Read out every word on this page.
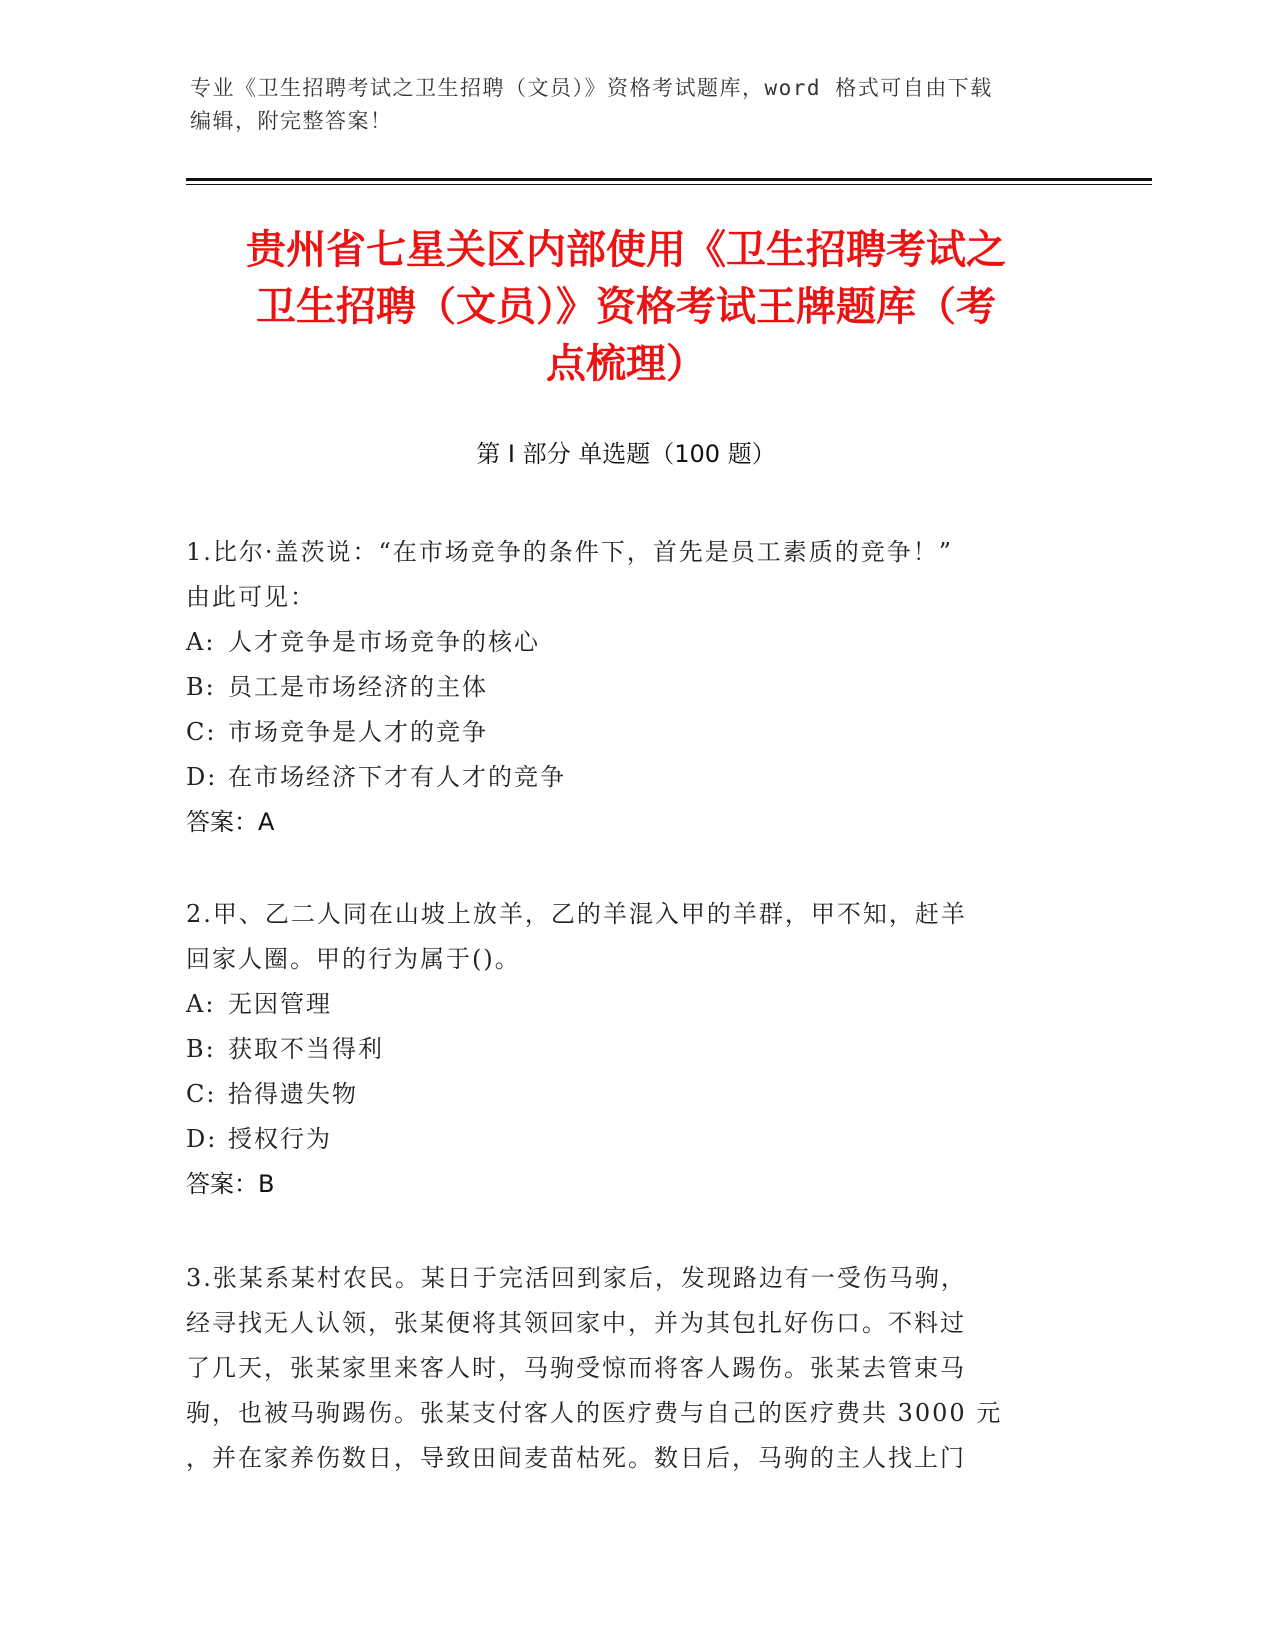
专业《卫生招聘考试之卫生招聘（文员）》资格考试题库，word 格式可自由下载
编辑，附完整答案！
贵州省七星关区内部使用《卫生招聘考试之
卫生招聘（文员）》资格考试王牌题库（考
点梳理）
第 I 部分 单选题（100 题）
1.比尔·盖茨说：“在市场竞争的条件下，首先是员工素质的竞争！”
由此可见：
A: 人才竞争是市场竞争的核心
B: 员工是市场经济的主体
C: 市场竞争是人才的竞争
D: 在市场经济下才有人才的竞争
答案：A
2.甲、乙二人同在山坡上放羊，乙的羊混入甲的羊群，甲不知，赶羊
回家人圈。甲的行为属于()。
A: 无因管理
B: 获取不当得利
C: 拾得遗失物
D: 授权行为
答案：B
3.张某系某村农民。某日于完活回到家后，发现路边有一受伤马驹，
经寻找无人认领，张某便将其领回家中，并为其包扎好伤口。不料过
了几天，张某家里来客人时，马驹受惊而将客人踢伤。张某去管束马
驹，也被马驹踢伤。张某支付客人的医疗费与自己的医疗费共 3000 元
，并在家养伤数日，导致田间麦苗枯死。数日后，马驹的主人找上门
